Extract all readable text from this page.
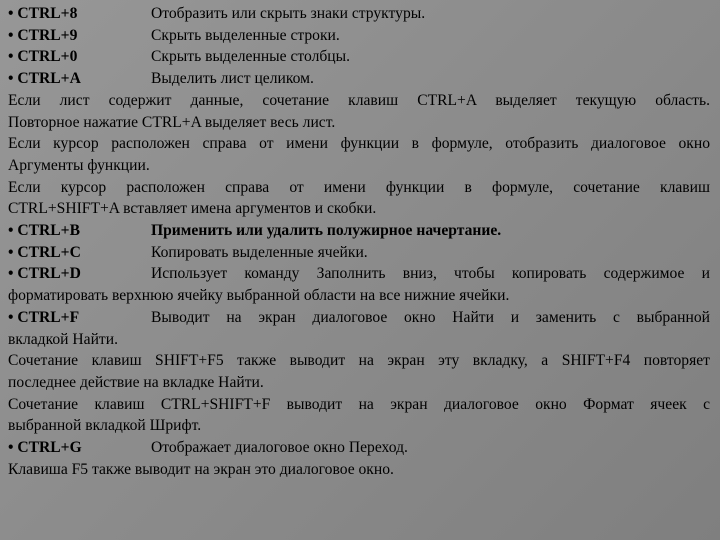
• CTRL+8	Отобразить или скрыть знаки структуры.
• CTRL+9	Скрыть выделенные строки.
• CTRL+0	Скрыть выделенные столбцы.
• CTRL+A	Выделить лист целиком.

Если лист содержит данные, сочетание клавиш CTRL+A выделяет текущую область.

Повторное нажатие CTRL+A выделяет весь лист.

Если курсор расположен справа от имени функции в формуле, отобразить диалоговое окно

Аргументы функции.

Если курсор расположен справа от имени функции в формуле, сочетание клавиш

CTRL+SHIFT+A вставляет имена аргументов и скобки.

• CTRL+B	Применить или удалить полужирное начертание.
• CTRL+C	Копировать выделенные ячейки.
• CTRL+D	Использует команду Заполнить вниз, чтобы копировать содержимое и

форматировать верхнюю ячейку выбранной области на все нижние ячейки.

• CTRL+F	Выводит на экран диалоговое окно Найти и заменить с выбранной

вкладкой Найти.

Сочетание клавиш SHIFT+F5 также выводит на экран эту вкладку, а SHIFT+F4 повторяет

последнее действие на вкладке Найти.

Сочетание клавиш CTRL+SHIFT+F выводит на экран диалоговое окно Формат ячеек с

выбранной вкладкой Шрифт.

• CTRL+G	Отображает диалоговое окно Переход.

Клавиша F5 также выводит на экран это диалоговое окно.
